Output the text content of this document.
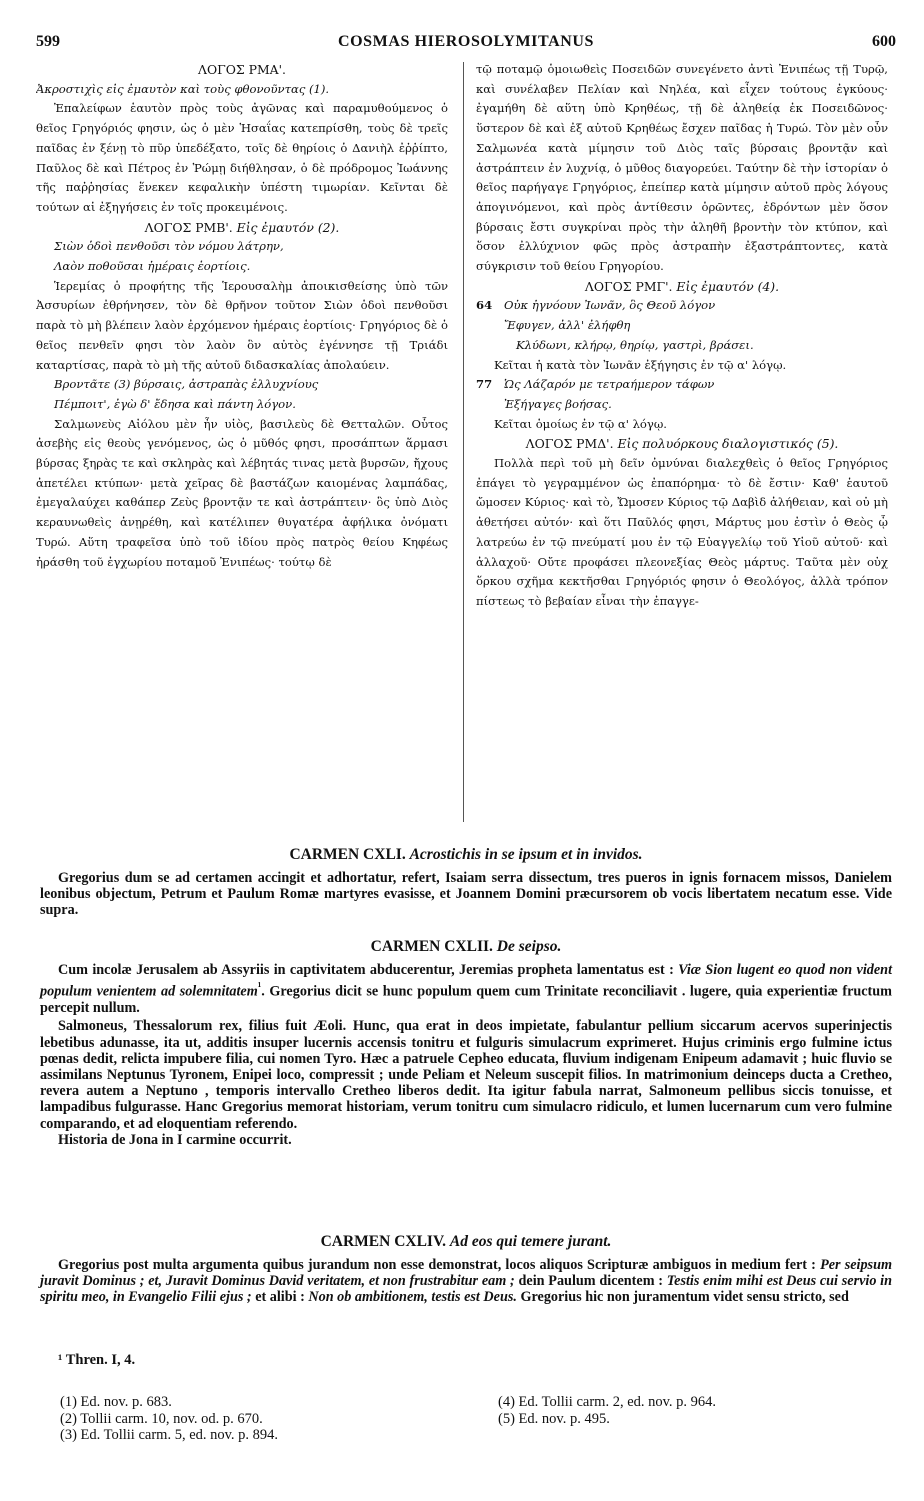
599	COSMAS HIEROSOLYMITANUS	600

ΛΟΓΟΣ ΡΜΑ'.

Ἀκροστιχὶς εἰς ἐμαυτὸν καὶ τοὺς φθονοῦντας (1).

Ἐπαλείφων ἑαυτὸν πρὸς τοὺς ἀγῶνας καὶ παραμυθούμενος ὁ θεῖος Γρηγόριός φησιν, ὡς ὁ μὲν Ἡσαΐας κατεπρίσθη, τοὺς δὲ τρεῖς παῖδας ἐν ξένῃ τὸ πῦρ ὑπεδέξατο, τοῖς δὲ θηρίοις ὁ Δανιὴλ ἐῤῥίπτο, Παῦλος δὲ καὶ Πέτρος ἐν Ῥώμῃ διήθλησαν, ὁ δὲ πρόδρομος Ἰωάννης τῆς παῤῥησίας ἕνεκεν κεφαλικὴν ὑπέστη τιμωρίαν. Κεῖνται δὲ τούτων αἱ ἐξηγήσεις ἐν τοῖς προκειμένοις.

ΛΟΓΟΣ ΡΜΒ'. Εἰς ἐμαυτόν (2).

Σιὼν ὁδοὶ πενθοῦσι τὸν νόμου λάτρην,

Λαὸν ποθοῦσαι ἡμέραις ἑορτίοις.

Ἱερεμίας ὁ προφήτης τῆς Ἱερουσαλὴμ ἀποικισθείσης ὑπὸ τῶν Ἀσσυρίων ἐθρήνησεν, τὸν δὲ θρῆνον τοῦτον Σιὼν ὁδοὶ πενθοῦσι παρὰ τὸ μὴ βλέπειν λαὸν ἐρχόμενον ἡμέραις ἑορτίοις· Γρηγόριος δὲ ὁ θεῖος πενθεῖν φησι τὸν λαὸν ὃν αὐτὸς ἐγέννησε τῇ Τριάδι καταρτίσας, παρὰ τὸ μὴ τῆς αὐτοῦ διδασκαλίας ἀπολαύειν.

Βροντᾶτε (3) βύρσαις, ἀστραπὰς ἐλλυχνίους

Πέμποιτ', ἐγὼ δ' ἔδησα καὶ πάντη λόγον.

Σαλμωνεὺς Αἰόλου μὲν ἦν υἱὸς, βασιλεὺς δὲ Θετταλῶν. Οὗτος ἀσεβὴς εἰς θεοὺς γενόμενος, ὡς ὁ μῦθός φησι, προσάπτων ἅρμασι βύρσας ξηρὰς τε καὶ σκληρὰς καὶ λέβητάς τινας μετὰ βυρσῶν, ἤχους ἀπετέλει κτύπων· μετὰ χεῖρας δὲ βαστάζων καιομένας λαμπάδας, ἐμεγαλαύχει καθάπερ Ζεὺς βροντᾷν τε καὶ ἀστράπτειν· ὃς ὑπὸ Διὸς κεραυνωθεὶς ἀνῃρέθη, καὶ κατέλιπεν θυγατέρα ἀφήλικα ὀνόματι Τυρώ. Αὕτη τραφεῖσα ὑπὸ τοῦ ἰδίου πρὸς πατρὸς θείου Κηφέως ἠράσθη τοῦ ἐγχωρίου ποταμοῦ Ἐνιπέως· τούτῳ δὲ

τῷ ποταμῷ ὁμοιωθεὶς Ποσειδῶν συνεγένετο ἀντὶ Ἐνιπέως τῇ Τυρῷ, καὶ συνέλαβεν Πελίαν καὶ Νηλέα, καὶ εἶχεν τούτους ἐγκύους· ἐγαμήθη δὲ αὕτη ὑπὸ Κρηθέως, τῇ δὲ ἀληθείᾳ ἐκ Ποσειδῶνος· ὕστερον δὲ καὶ ἐξ αὐτοῦ Κρηθέως ἔσχεν παῖδας ἡ Τυρώ. Τὸν μὲν οὖν Σαλμωνέα κατὰ μίμησιν τοῦ Διὸς ταῖς βύρσαις βροντᾷν καὶ ἀστράπτειν ἐν λυχνίᾳ, ὁ μῦθος διαγορεύει. Ταύτην δὲ τὴν ἱστορίαν ὁ θεῖος παρήγαγε Γρηγόριος, ἐπείπερ κατὰ μίμησιν αὐτοῦ πρὸς λόγους ἀπογινόμενοι, καὶ πρὸς ἀντίθεσιν ὁρῶντες, ἐδρόντων μὲν ὅσον βύρσαις ἔστι συγκρίναι πρὸς τὴν ἀληθῆ βροντὴν τὸν κτύπον, καὶ ὅσον ἐλλύχνιον φῶς πρὸς ἀστραπὴν ἐξαστράπτοντες, κατὰ σύγκρισιν τοῦ θείου Γρηγορίου.

ΛΟΓΟΣ ΡΜΓ'. Εἰς ἐμαυτόν (4).

64 Οὐκ ἠγνόουν Ἰωνᾶν, ὃς Θεοῦ λόγον

Ἔφυγεν, ἀλλ' ἐλήφθη

Κλύδωνι, κλήρῳ, θηρίῳ, γαστρὶ, βράσει.

Κεῖται ἡ κατὰ τὸν Ἰωνᾶν ἐξήγησις ἐν τῷ α' λόγῳ.

77 Ὡς Λάζαρόν με τετραήμερον τάφων

Ἐξήγαγες βοήσας.

Κεῖται ὁμοίως ἐν τῷ α' λόγῳ.

ΛΟΓΟΣ ΡΜΔ'. Εἰς πολυόρκους διαλογιστικός (5).

Πολλὰ περὶ τοῦ μὴ δεῖν ὀμνύναι διαλεχθεὶς ὁ θεῖος Γρηγόριος ἐπάγει τὸ γεγραμμένον ὡς ἐπαπόρημα· τὸ δὲ ἔστιν· Καθ' ἑαυτοῦ ὤμοσεν Κύριος· καὶ τὸ, Ὤμοσεν Κύριος τῷ Δαβὶδ ἀλήθειαν, καὶ οὐ μὴ ἀθετήσει αὐτόν· καὶ ὅτι Παῦλός φησι, Μάρτυς μου ἐστὶν ὁ Θεὸς ᾧ λατρεύω ἐν τῷ πνεύματί μου ἐν τῷ Εὐαγγελίῳ τοῦ Υἱοῦ αὐτοῦ· καὶ ἀλλαχοῦ· Οὔτε προφάσει πλεονεξίας Θεὸς μάρτυς. Ταῦτα μὲν οὐχ ὅρκου σχῆμα κεκτῆσθαι Γρηγόριός φησιν ὁ Θεολόγος, ἀλλὰ τρόπον πίστεως τὸ βεβαίαν εἶναι τὴν ἐπαγγε-

CARMEN CXLI. Acrostichis in se ipsum et in invidos.

Gregorius dum se ad certamen accingit et adhortatur, refert, Isaiam serra dissectum, tres pueros in ignis fornacem missos, Danielem leonibus objectum, Petrum et Paulum Romæ martyres evasisse, et Joannem Domini præcursorem ob vocis libertatem necatum esse. Vide supra.

CARMEN CXLII. De seipso.

Cum incolæ Jerusalem ab Assyriis in captivitatem abducerentur, Jeremias propheta lamentatus est : Viæ Sion lugent eo quod non vident populum venientem ad solemnitatem$^{^1}$. Gregorius dicit se hunc populum quem cum Trinitate reconciliavit . lugere, quia experientiæ fructum percepit nullum.

Salmoneus, Thessalorum rex, filius fuit Æoli. Hunc, qua erat in deos impietate, fabulantur pellium siccarum acervos superinjectis lebetibus adunasse, ita ut, additis insuper lucernis accensis tonitru et fulguris simulacrum exprimeret. Hujus criminis ergo fulmine ictus pœnas dedit, relicta impubere filia, cui nomen Tyro. Hæc a patruele Cepheo educata, fluvium indigenam Enipeum adamavit ; huic fluvio se assimilans Neptunus Tyronem, Enipei loco, compressit ; unde Peliam et Neleum suscepit filios. In matrimonium deinceps ducta a Cretheo, revera autem a Neptuno , temporis intervallo Cretheo liberos dedit. Ita igitur fabula narrat, Salmoneum pellibus siccis tonuisse, et lampadibus fulgurasse. Hanc Gregorius memorat historiam, verum tonitru cum simulacro ridiculo, et lumen lucernarum cum vero fulmine comparando, et ad eloquentiam referendo.

Historia de Jona in I carmine occurrit.

CARMEN CXLIV. Ad eos qui temere jurant.

Gregorius post multa argumenta quibus jurandum non esse demonstrat, locos aliquos Scripturæ ambiguos in medium fert : Per seipsum juravit Dominus ; et, Juravit Dominus David veritatem, et non frustrabitur eam ; dein Paulum dicentem : Testis enim mihi est Deus cui servio in spiritu meo, in Evangelio Filii ejus ; et alibi : Non ob ambitionem, testis est Deus. Gregorius hic non juramentum videt sensu stricto, sed

¹ Thren. I, 4.
(1) Ed. nov. p. 683.
(2) Tollii carm. 10, nov. od. p. 670.
(3) Ed. Tollii carm. 5, ed. nov. p. 894.
(4) Ed. Tollii carm. 2, ed. nov. p. 964.
(5) Ed. nov. p. 495.
